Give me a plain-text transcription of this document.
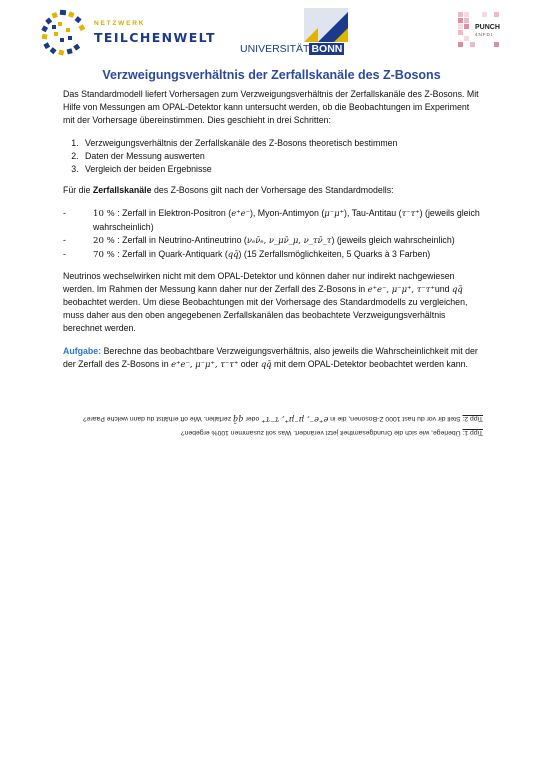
NETZWERK
TEILCHENWELT
UNIVERSITÄT BONN
PUNCH
4NFDI
Verzweigungsverhältnis der Zerfallskanäle des Z-Bosons

Das Standardmodell liefert Vorhersagen zum Verzweigungsverhältnis der Zerfallskanäle des Z-Bosons. Mit Hilfe von Messungen am OPAL-Detektor kann untersucht werden, ob die Beobachtungen im Experiment mit der Vorhersage übereinstimmen. Dies geschieht in drei Schritten:

1. Verzweigungsverhältnis der Zerfallskanäle des Z-Bosons theoretisch bestimmen
2. Daten der Messung auswerten
3. Vergleich der beiden Ergebnisse

Für die Zerfallskanäle des Z-Bosons gilt nach der Vorhersage des Standardmodells:

-	10 % : Zerfall in Elektron-Positron (e⁺e⁻), Myon-Antimyon (μ⁻μ⁺), Tau-Antitau (τ⁻τ⁺) (jeweils gleich wahrscheinlich)
-	20 % : Zerfall in Neutrino-Antineutrino (νₑν̄ₑ, ν_μν̄_μ, ν_τν̄_τ) (jeweils gleich wahrscheinlich)
-	70 % : Zerfall in Quark-Antiquark (qq̄) (15 Zerfallsmöglichkeiten, 5 Quarks à 3 Farben)

Neutrinos wechselwirken nicht mit dem OPAL-Detektor und können daher nur indirekt nachgewiesen werden. Im Rahmen der Messung kann daher nur der Zerfall des Z-Bosons in e⁺e⁻, μ⁻μ⁺, τ⁻τ⁺und qq̄ beobachtet werden. Um diese Beobachtungen mit der Vorhersage des Standardmodells zu vergleichen, muss daher aus den oben angegebenen Zerfallskanälen das beobachtete Verzweigungsverhältnis berechnet werden.

Aufgabe: Berechne das beobachtbare Verzweigungsverhältnis, also jeweils die Wahrscheinlichkeit mit der der Zerfall des Z-Bosons in e⁺e⁻, μ⁻μ⁺, τ⁻τ⁺ oder qq̄ mit dem OPAL-Detektor beobachtet werden kann.

Tipp 1: Überlege, wie sich die Grundgesamtheit jetzt verändert. Was soll zusammen 100% ergeben?

Tipp 2: Stell dir vor du hast 1000 Z-Bosonen, die in e⁺e⁻, μ⁻μ⁺, τ⁻τ⁺ oder qq̄ zerfallen. Wie oft erhältst du dann welche Paare?
